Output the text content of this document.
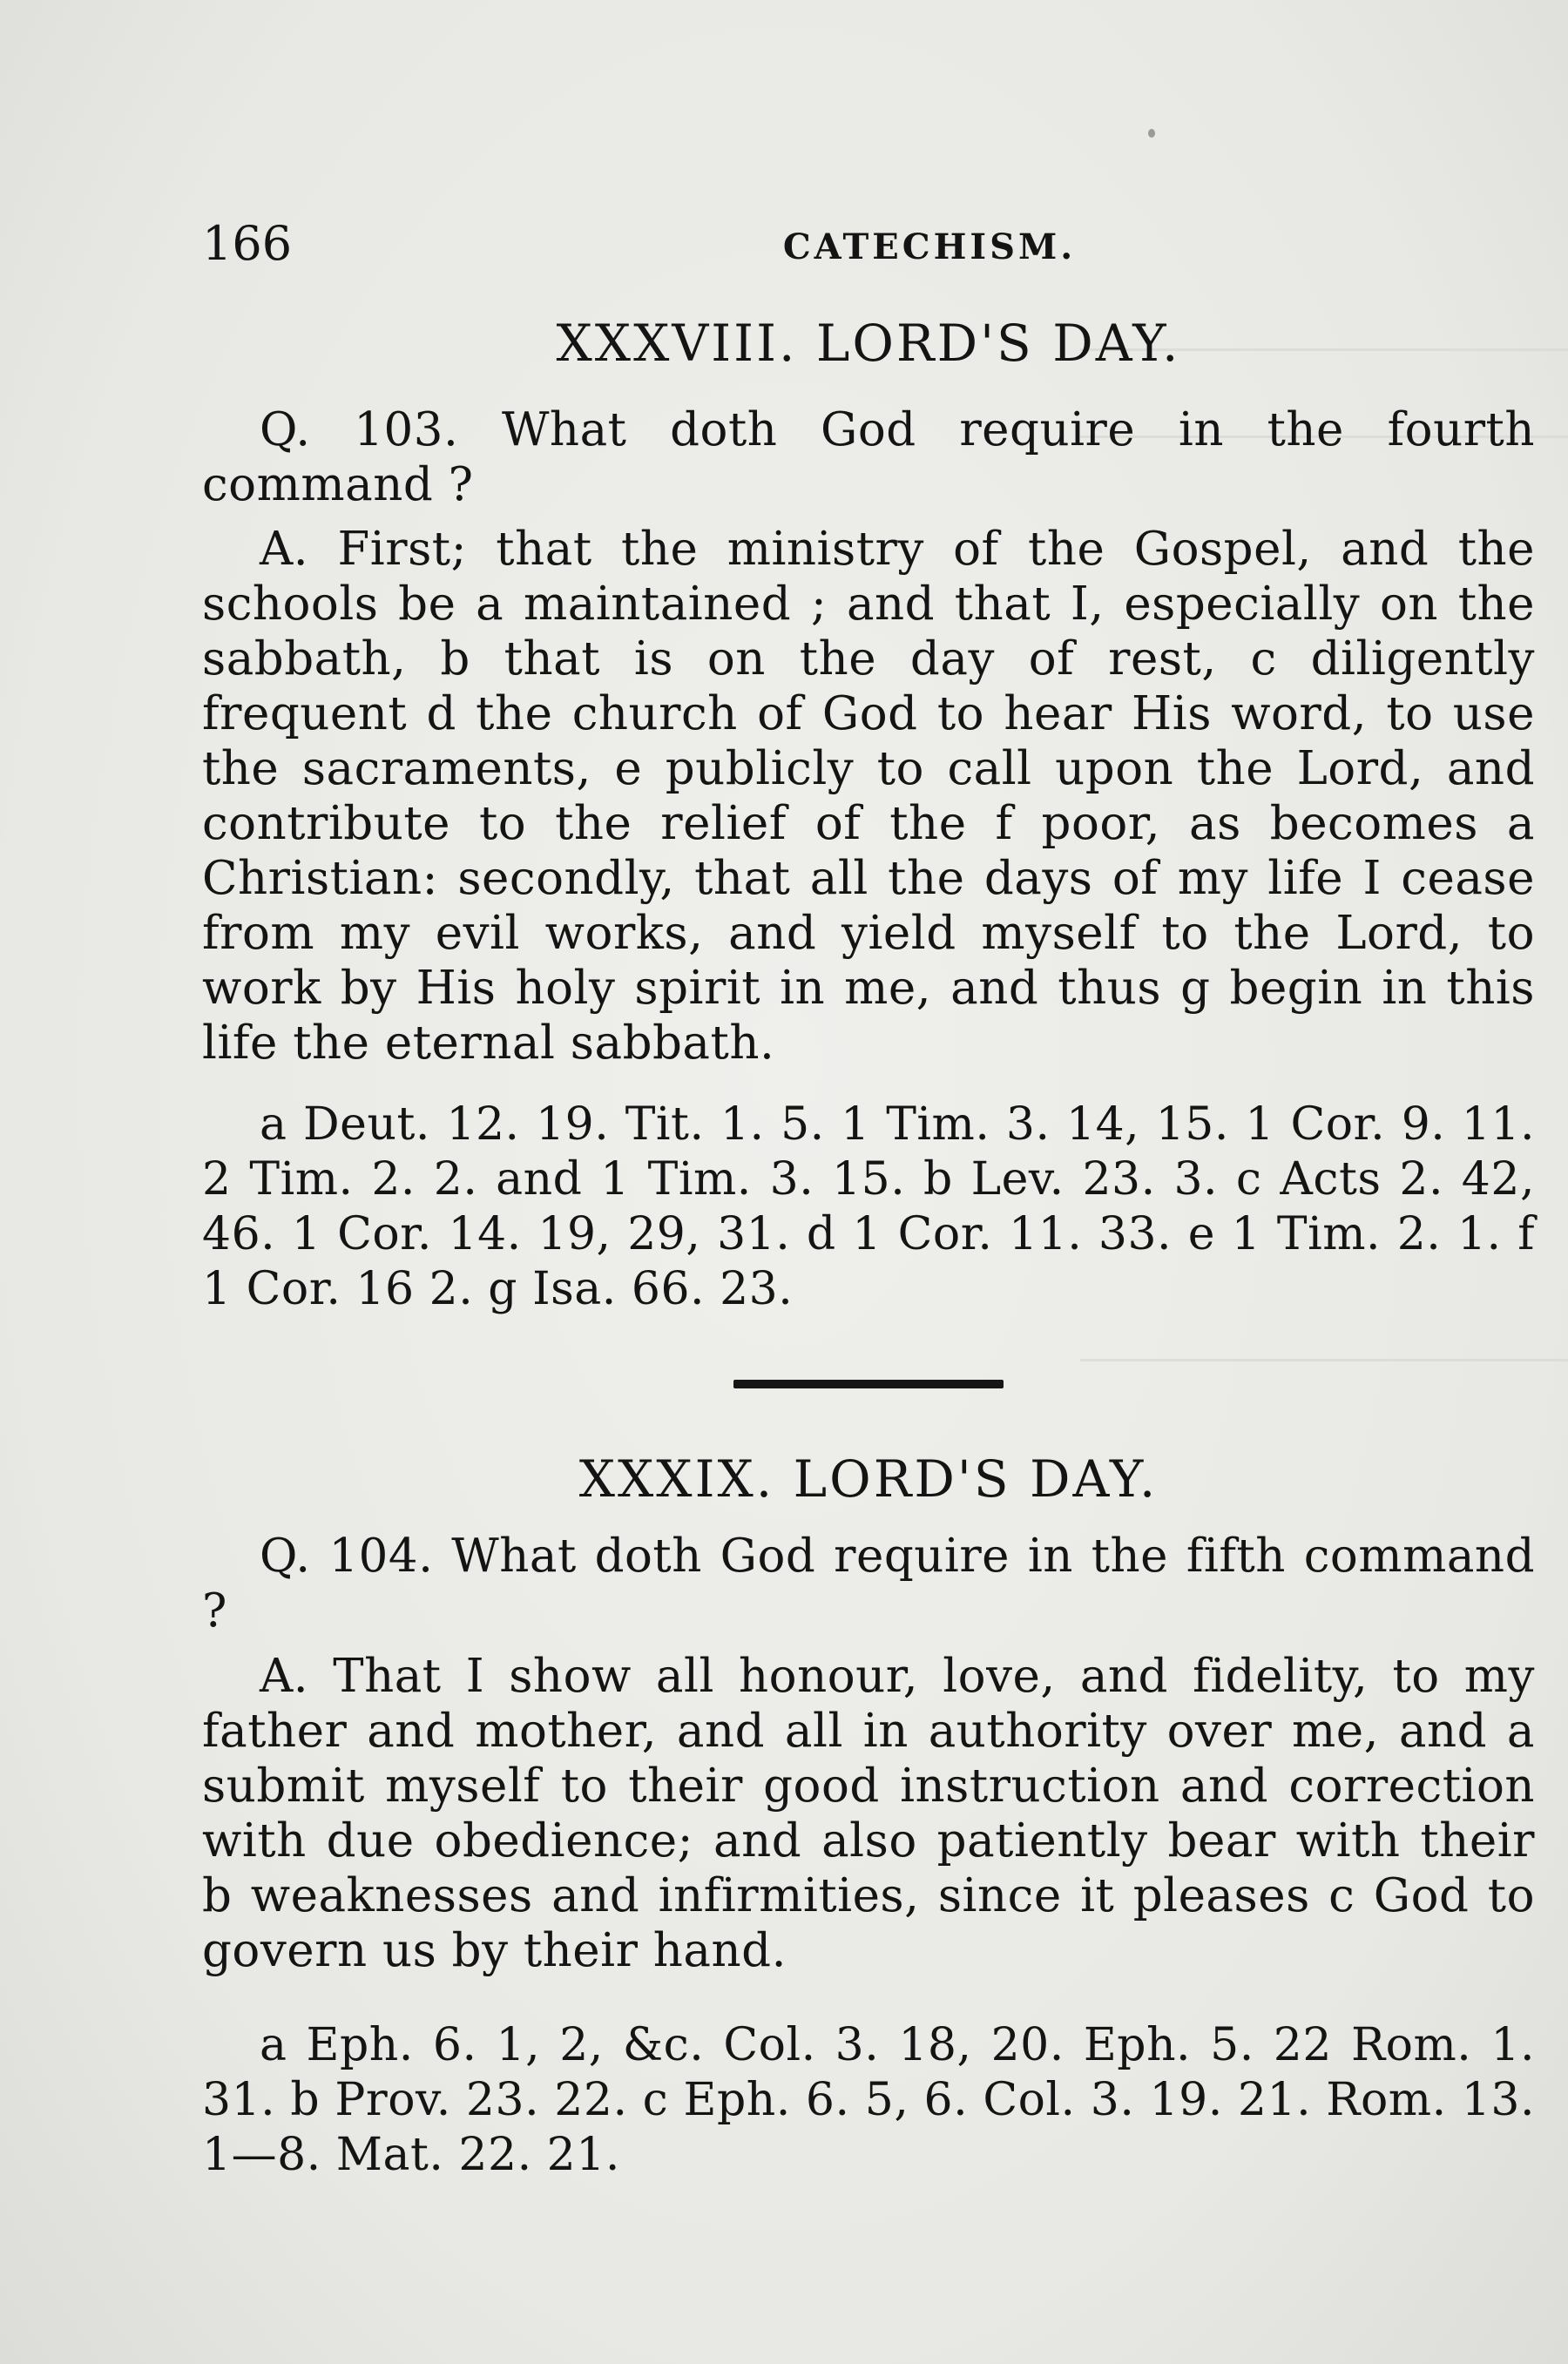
166	CATECHISM.
XXXVIII. LORD'S DAY.

Q. 103. What doth God require in the fourth command ?

A. First; that the ministry of the Gospel, and the schools be a maintained ; and that I, especially on the sabbath, b that is on the day of rest, c diligently frequent d the church of God to hear His word, to use the sacraments, e publicly to call upon the Lord, and contribute to the relief of the f poor, as becomes a Christian: secondly, that all the days of my life I cease from my evil works, and yield myself to the Lord, to work by His holy spirit in me, and thus g begin in this life the eternal sabbath.

a Deut. 12. 19. Tit. 1. 5. 1 Tim. 3. 14, 15. 1 Cor. 9. 11. 2 Tim. 2. 2. and 1 Tim. 3. 15. b Lev. 23. 3. c Acts 2. 42, 46. 1 Cor. 14. 19, 29, 31. d 1 Cor. 11. 33. e 1 Tim. 2. 1. f 1 Cor. 16 2. g Isa. 66. 23.

XXXIX. LORD'S DAY.

Q. 104. What doth God require in the fifth command ?

A. That I show all honour, love, and fidelity, to my father and mother, and all in authority over me, and a submit myself to their good instruction and correction with due obedience; and also patiently bear with their b weaknesses and infirmities, since it pleases c God to govern us by their hand.

a Eph. 6. 1, 2, &c. Col. 3. 18, 20. Eph. 5. 22 Rom. 1. 31. b Prov. 23. 22. c Eph. 6. 5, 6. Col. 3. 19. 21. Rom. 13. 1—8. Mat. 22. 21.
